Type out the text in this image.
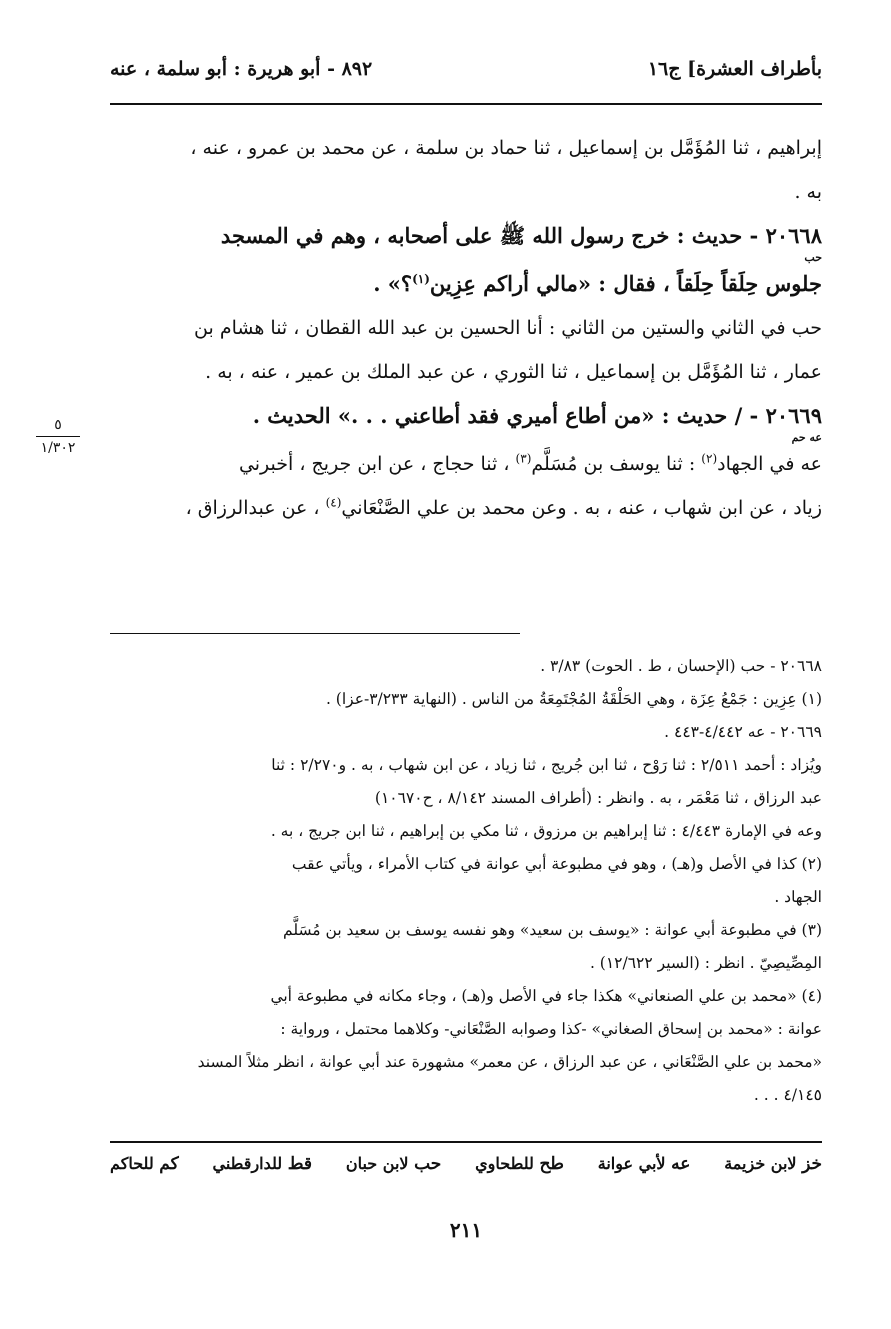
بأطراف العشرة] ج١٦
٨٩٢ - أبو هريرة : أبو سلمة ، عنه

إبراهيم ، ثنا المُؤَمَّل بن إسماعيل ، ثنا حماد بن سلمة ، عن محمد بن عمرو ، عنه ،

به .

٢٠٦٦٨ - حديث : خرج رسول الله ﷺ على أصحابه ، وهم في المسجد

حب

جلوس حِلَقاً حِلَقاً ، فقال : «مالي أراكم عِزِين$^{(١)}$؟» .

حب في الثاني والستين من الثاني : أنا الحسين بن عبد الله القطان ، ثنا هشام بن

عمار ، ثنا المُؤَمَّل بن إسماعيل ، ثنا الثوري ، عن عبد الملك بن عمير ، عنه ، به .

٢٠٦٦٩ - / حديث : «من أطاع أميري فقد أطاعني . . .» الحديث .

عه حم

عه في الجهاد$^{(٢)}$ : ثنا يوسف بن مُسَلَّم$^{(٣)}$ ، ثنا حجاج ، عن ابن جريج ، أخبرني

زياد ، عن ابن شهاب ، عنه ، به . وعن محمد بن علي الصَّنْعَاني$^{(٤)}$ ، عن عبدالرزاق ،

٢٠٦٦٨ - حب (الإحسان ، ط . الحوت) ٣/٨٣ .

(١) عِزِين : جَمْعُ عِزَة ، وهي الحَلْقَةُ المُجْتَمِعَةُ من الناس . (النهاية ٣/٢٣٣-عزا) .

٢٠٦٦٩ - عه ٤/٤٤٢-٤٤٣ .

ويُزاد : أحمد ٢/٥١١ : ثنا رَوْح ، ثنا ابن جُريج ، ثنا زياد ، عن ابن شهاب ، به . و٢/٢٧٠ : ثنا

عبد الرزاق ، ثنا مَعْمَر ، به . وانظر : (أطراف المسند ٨/١٤٢ ، ح١٠٦٧٠)

وعه في الإمارة ٤/٤٤٣ : ثنا إبراهيم بن مرزوق ، ثنا مكي بن إبراهيم ، ثنا ابن جريج ، به .

(٢) كذا في الأصل و(هـ) ، وهو في مطبوعة أبي عوانة في كتاب الأمراء ، ويأتي عقب

الجهاد .

(٣) في مطبوعة أبي عوانة : «يوسف بن سعيد» وهو نفسه يوسف بن سعيد بن مُسَلَّم

المِصِّيصِيّ . انظر : (السير ١٢/٦٢٢) .

(٤) «محمد بن علي الصنعاني» هكذا جاء في الأصل و(هـ) ، وجاء مكانه في مطبوعة أبي

عوانة : «محمد بن إسحاق الصغاني» -كذا وصوابه الصَّنْعَاني- وكلاهما محتمل ، ورواية :

«محمد بن علي الصَّنْعَاني ، عن عبد الرزاق ، عن معمر» مشهورة عند أبي عوانة ، انظر مثلاً المسند

٤/١٤٥ . . .

خز لابن خزيمة
عه لأبي عوانة
طح للطحاوي
حب لابن حبان
قط للدارقطني
كم للحاكم
٢١١
٥
١/٣٠٢
